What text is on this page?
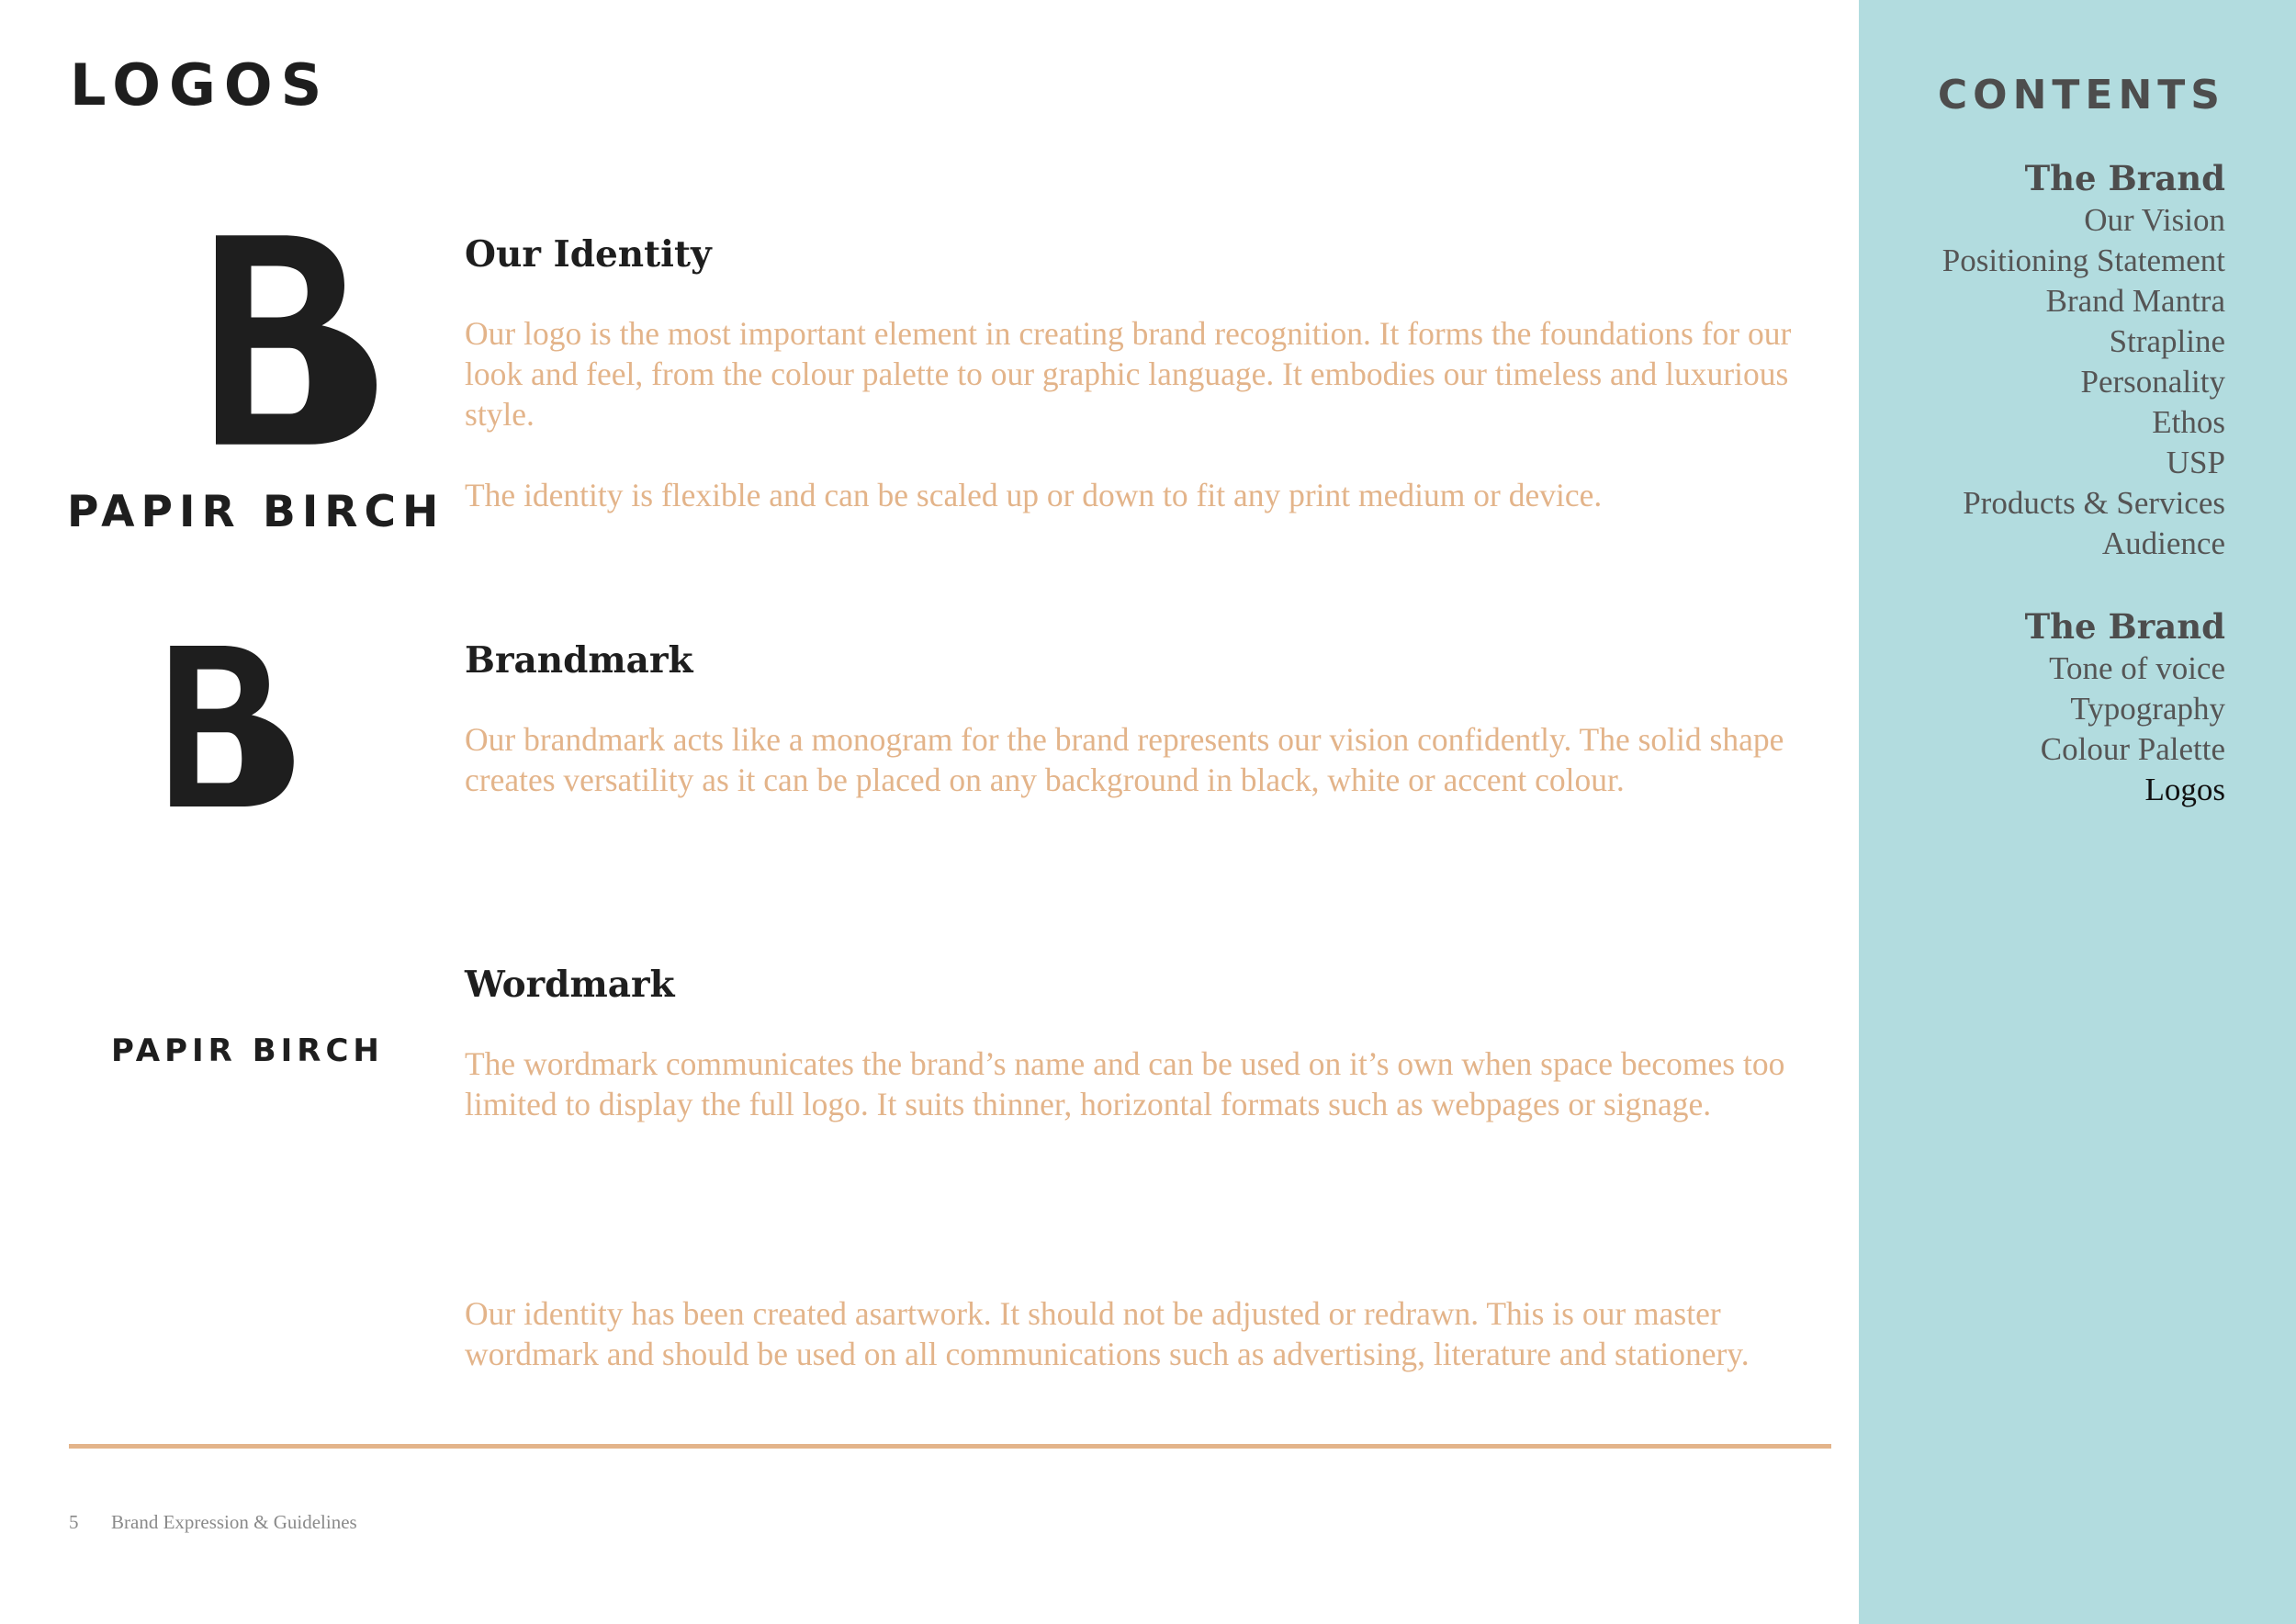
LOGOS
PAPIR BIRCH
PAPIR BIRCH
Our Identity

Our logo is the most important element in creating brand recognition. It forms the foundations for our look and feel, from the colour palette to our graphic language. It embodies our timeless and luxurious style.

The identity is flexible and can be scaled up or down to fit any print medium or device.

Brandmark

Our brandmark acts like a monogram for the brand represents our vision confidently. The solid shape creates versatility as it can be placed on any background in black, white or accent colour.

Wordmark

The wordmark communicates the brand’s name and can be used on it’s own when space becomes too limited to display the full logo. It suits thinner, horizontal formats such as webpages or signage.

Our identity has been created asartwork. It should not be adjusted or redrawn. This is our master wordmark and should be used on all communications such as advertising, literature and stationery.

5 Brand Expression & Guidelines
CONTENTS
The Brand
Our Vision
Positioning Statement
Brand Mantra
Strapline
Personality
Ethos
USP
Products & Services
Audience
The Brand
Tone of voice
Typography
Colour Palette
Logos
